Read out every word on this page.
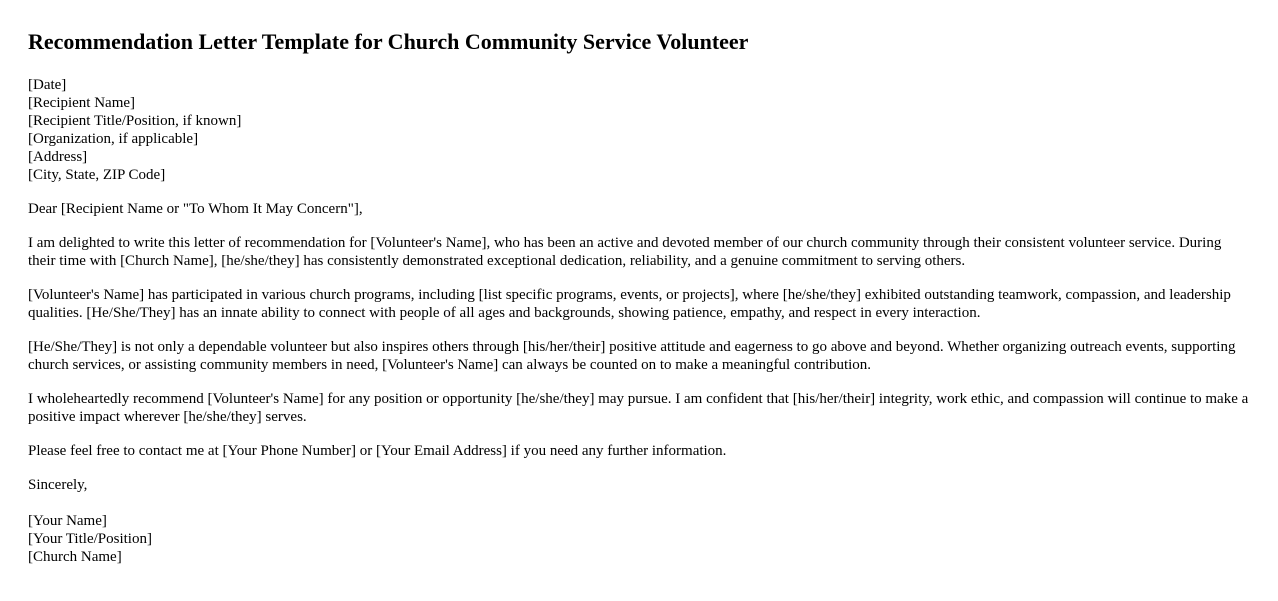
Recommendation Letter Template for Church Community Service Volunteer
[Date]
[Recipient Name]
[Recipient Title/Position, if known]
[Organization, if applicable]
[Address]
[City, State, ZIP Code]

Dear [Recipient Name or "To Whom It May Concern"],

I am delighted to write this letter of recommendation for [Volunteer's Name], who has been an active and devoted member of our church community through their consistent volunteer service. During their time with [Church Name], [he/she/they] has consistently demonstrated exceptional dedication, reliability, and a genuine commitment to serving others.

[Volunteer's Name] has participated in various church programs, including [list specific programs, events, or projects], where [he/she/they] exhibited outstanding teamwork, compassion, and leadership qualities. [He/She/They] has an innate ability to connect with people of all ages and backgrounds, showing patience, empathy, and respect in every interaction.

[He/She/They] is not only a dependable volunteer but also inspires others through [his/her/their] positive attitude and eagerness to go above and beyond. Whether organizing outreach events, supporting church services, or assisting community members in need, [Volunteer's Name] can always be counted on to make a meaningful contribution.

I wholeheartedly recommend [Volunteer's Name] for any position or opportunity [he/she/they] may pursue. I am confident that [his/her/their] integrity, work ethic, and compassion will continue to make a positive impact wherever [he/she/they] serves.

Please feel free to contact me at [Your Phone Number] or [Your Email Address] if you need any further information.

Sincerely,

[Your Name]
[Your Title/Position]
[Church Name]
